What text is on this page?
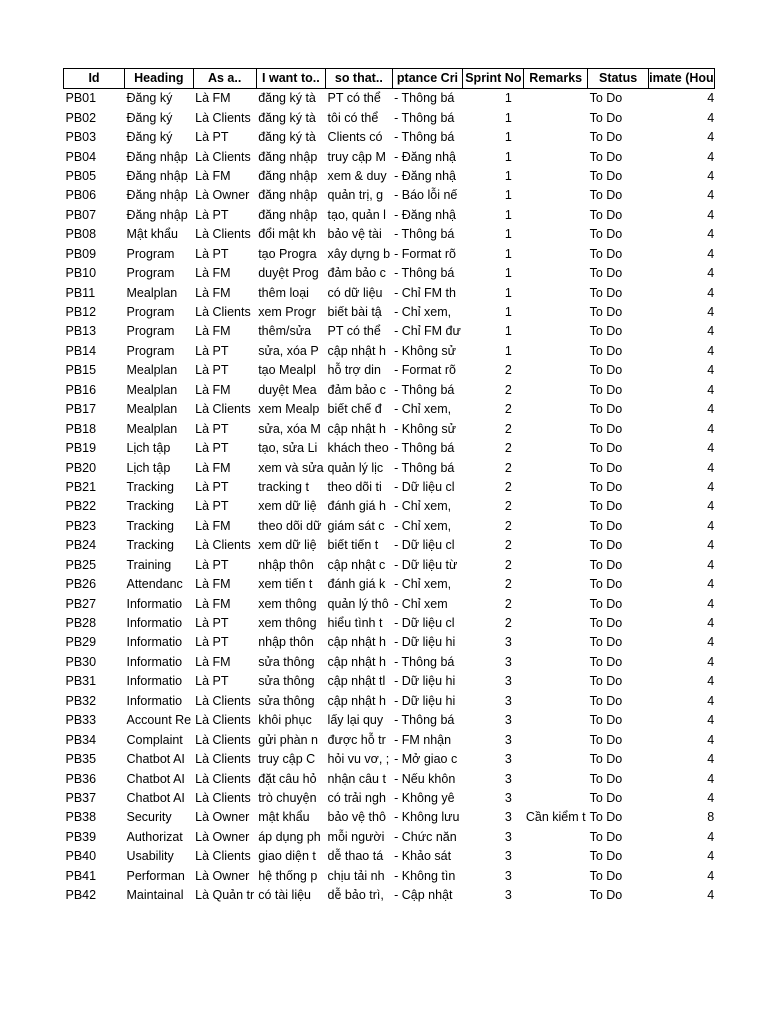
Id	Heading	As a..	I want to..	so that..	ptance Cri	Sprint No	Remarks	Status	imate (Hou
PB01	Đăng ký	Là FM	đăng ký tà	PT có thể	- Thông bá	1		To Do	4
PB02	Đăng ký	Là Clients	đăng ký tà	tôi có thể	- Thông bá	1		To Do	4
PB03	Đăng ký	Là PT	đăng ký tà	Clients có	- Thông bá	1		To Do	4
PB04	Đăng nhập	Là Clients	đăng nhập	truy cập M	- Đăng nhậ	1		To Do	4
PB05	Đăng nhập	Là FM	đăng nhập	xem & duy	- Đăng nhậ	1		To Do	4
PB06	Đăng nhập	Là Owner	đăng nhập	quản trị, g	- Báo lỗi nế	1		To Do	4
PB07	Đăng nhập	Là PT	đăng nhập	tạo, quản l	- Đăng nhậ	1		To Do	4
PB08	Mật khẩu	Là Clients	đổi mật kh	bảo vệ tài	- Thông bá	1		To Do	4
PB09	Program	Là PT	tạo Progra	xây dựng b	- Format rõ	1		To Do	4
PB10	Program	Là FM	duyệt Prog	đảm bảo c	- Thông bá	1		To Do	4
PB11	Mealplan	Là FM	thêm loại	có dữ liệu	- Chỉ FM th	1		To Do	4
PB12	Program	Là Clients	xem Progr	biết bài tậ	- Chỉ xem,	1		To Do	4
PB13	Program	Là FM	thêm/sửa	PT có thể	- Chỉ FM đư	1		To Do	4
PB14	Program	Là PT	sửa, xóa P	cập nhật h	- Không sử	1		To Do	4
PB15	Mealplan	Là PT	tạo Mealpl	hỗ trợ din	- Format rõ	2		To Do	4
PB16	Mealplan	Là FM	duyệt Mea	đảm bảo c	- Thông bá	2		To Do	4
PB17	Mealplan	Là Clients	xem Mealp	biết chế đ	- Chỉ xem,	2		To Do	4
PB18	Mealplan	Là PT	sửa, xóa M	cập nhật h	- Không sử	2		To Do	4
PB19	Lịch tập	Là PT	tạo, sửa Li	khách theo	- Thông bá	2		To Do	4
PB20	Lịch tập	Là FM	xem và sửa	quản lý lịc	- Thông bá	2		To Do	4
PB21	Tracking	Là PT	tracking t	theo dõi ti	- Dữ liệu cl	2		To Do	4
PB22	Tracking	Là PT	xem dữ liệ	đánh giá h	- Chỉ xem,	2		To Do	4
PB23	Tracking	Là FM	theo dõi dữ	giám sát c	- Chỉ xem,	2		To Do	4
PB24	Tracking	Là Clients	xem dữ liệ	biết tiến t	- Dữ liệu cl	2		To Do	4
PB25	Training	Là PT	nhập thôn	cập nhật c	- Dữ liệu từ	2		To Do	4
PB26	Attendanc	Là FM	xem tiến t	đánh giá k	- Chỉ xem,	2		To Do	4
PB27	Informatio	Là FM	xem thông	quản lý thô	- Chỉ xem	2		To Do	4
PB28	Informatio	Là PT	xem thông	hiểu tình t	- Dữ liệu cl	2		To Do	4
PB29	Informatio	Là PT	nhập thôn	cập nhật h	- Dữ liệu hi	3		To Do	4
PB30	Informatio	Là FM	sửa thông	cập nhật h	- Thông bá	3		To Do	4
PB31	Informatio	Là PT	sửa thông	cập nhật tl	- Dữ liệu hi	3		To Do	4
PB32	Informatio	Là Clients	sửa thông	cập nhật h	- Dữ liệu hi	3		To Do	4
PB33	Account Re	Là Clients	khôi phục	lấy lại quy	- Thông bá	3		To Do	4
PB34	Complaint	Là Clients	gửi phàn n	được hỗ tr	- FM nhận	3		To Do	4
PB35	Chatbot AI	Là Clients	truy cập C	hỏi vu vơ, ;	- Mở giao c	3		To Do	4
PB36	Chatbot AI	Là Clients	đặt câu hỏ	nhận câu t	- Nếu khôn	3		To Do	4
PB37	Chatbot AI	Là Clients	trò chuyện	có trải ngh	- Không yê	3		To Do	4
PB38	Security	Là Owner	mật khẩu	bảo vệ thô	- Không lưu	3	Cần kiểm t	To Do	8
PB39	Authorizat	Là Owner	áp dụng ph	mỗi người	- Chức năn	3		To Do	4
PB40	Usability	Là Clients	giao diện t	dễ thao tá	- Khảo sát	3		To Do	4
PB41	Performan	Là Owner	hệ thống p	chịu tải nh	- Không tìn	3		To Do	4
PB42	Maintainal	Là Quản tr	có tài liệu	dễ bảo trì,	- Cập nhật	3		To Do	4
